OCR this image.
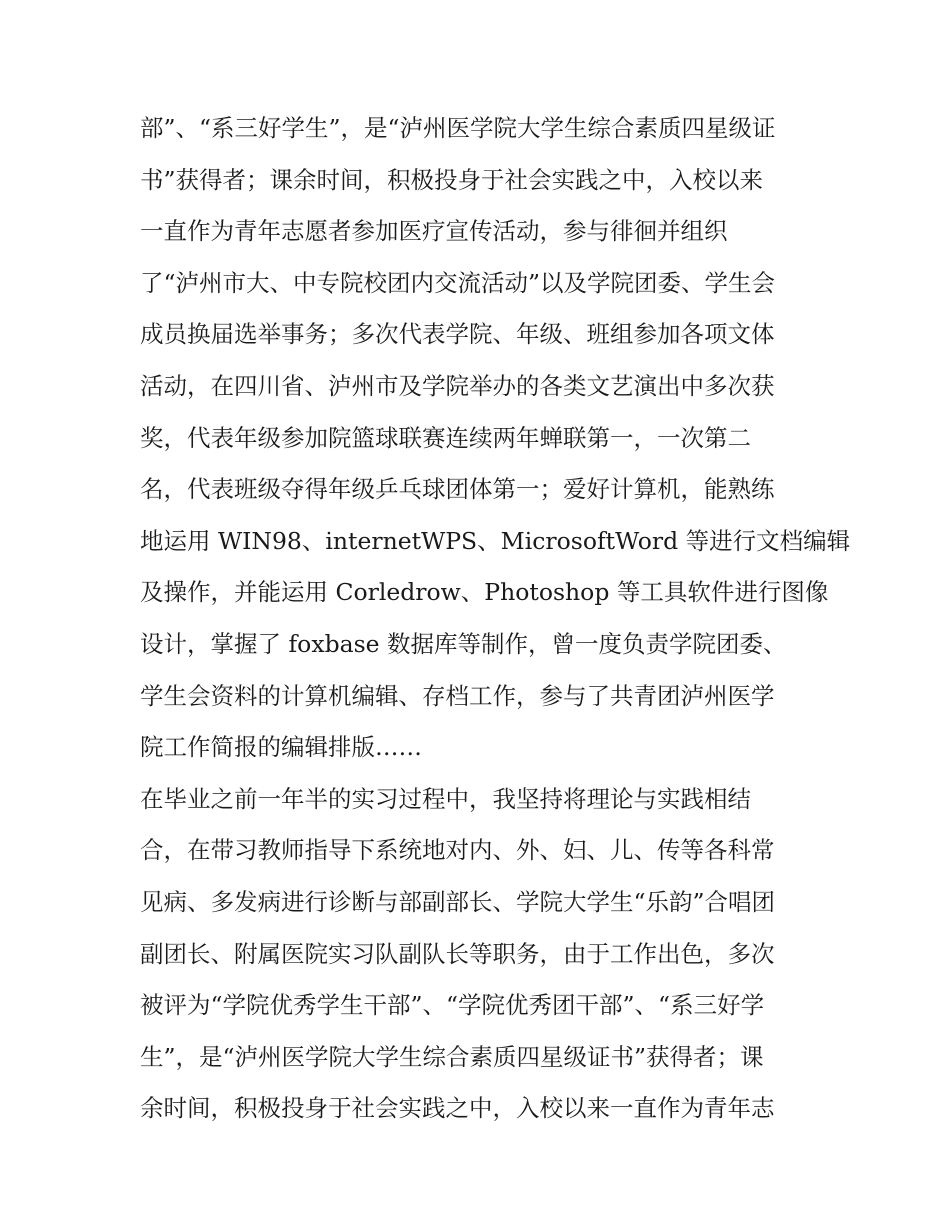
部”、“系三好学生”，是“泸州医学院大学生综合素质四星级证
书”获得者；课余时间，积极投身于社会实践之中，入校以来
一直作为青年志愿者参加医疗宣传活动，参与徘徊并组织
了“泸州市大、中专院校团内交流活动”以及学院团委、学生会
成员换届选举事务；多次代表学院、年级、班组参加各项文体
活动，在四川省、泸州市及学院举办的各类文艺演出中多次获
奖，代表年级参加院篮球联赛连续两年蝉联第一，一次第二
名，代表班级夺得年级乒乓球团体第一；爱好计算机，能熟练
地运用 WIN98、internetWPS、MicrosoftWord 等进行文档编辑
及操作，并能运用 Corledrow、Photoshop 等工具软件进行图像
设计，掌握了 foxbase 数据库等制作，曾一度负责学院团委、
学生会资料的计算机编辑、存档工作，参与了共青团泸州医学
院工作简报的编辑排版……
在毕业之前一年半的实习过程中，我坚持将理论与实践相结
合，在带习教师指导下系统地对内、外、妇、儿、传等各科常
见病、多发病进行诊断与部副部长、学院大学生“乐韵”合唱团
副团长、附属医院实习队副队长等职务，由于工作出色，多次
被评为“学院优秀学生干部”、“学院优秀团干部”、“系三好学
生”，是“泸州医学院大学生综合素质四星级证书”获得者；课
余时间，积极投身于社会实践之中，入校以来一直作为青年志
